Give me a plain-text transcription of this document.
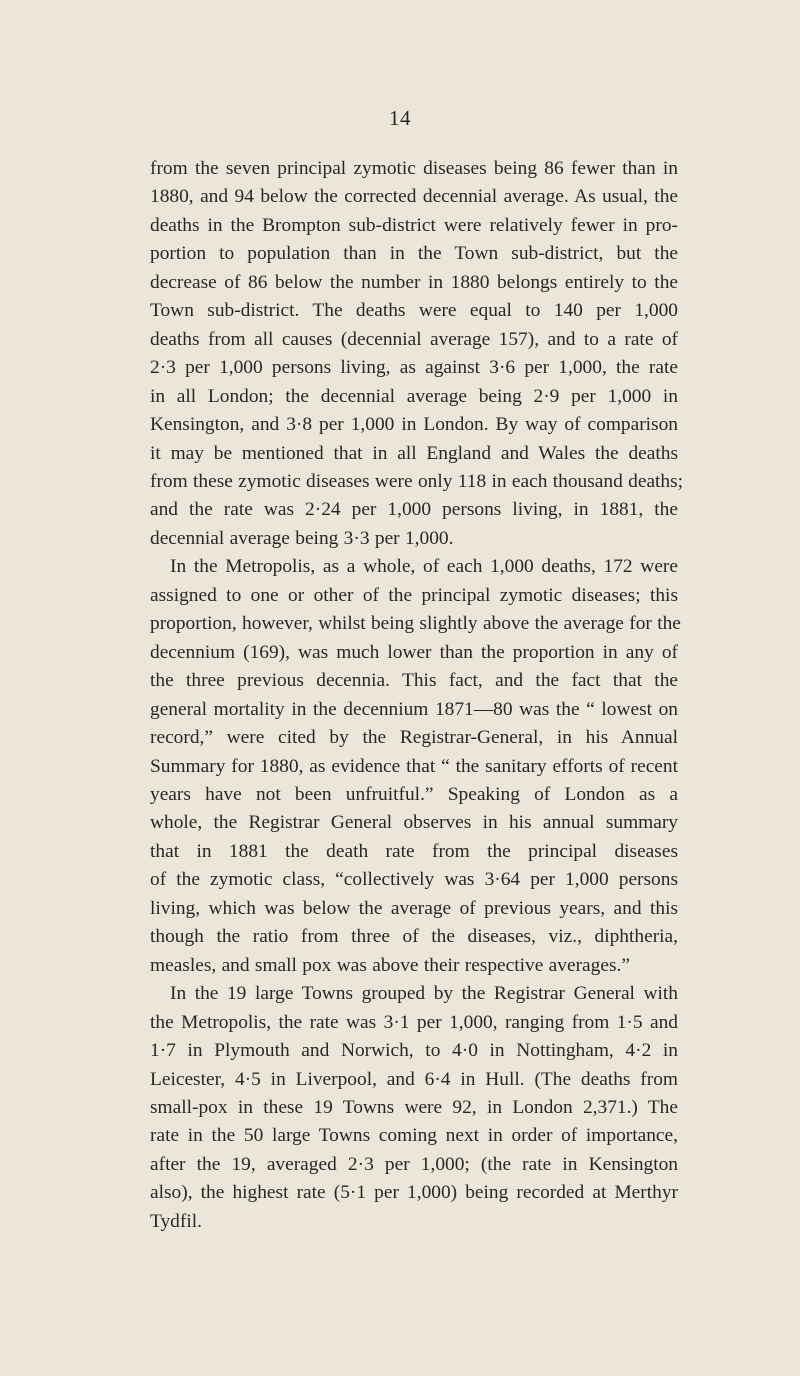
14
from the seven principal zymotic diseases being 86 fewer than in
1880, and 94 below the corrected decennial average. As usual, the
deaths in the Brompton sub-district were relatively fewer in pro-
portion to population than in the Town sub-district, but the
decrease of 86 below the number in 1880 belongs entirely to the
Town sub-district. The deaths were equal to 140 per 1,000
deaths from all causes (decennial average 157), and to a rate of
2·3 per 1,000 persons living, as against 3·6 per 1,000, the rate
in all London; the decennial average being 2·9 per 1,000 in
Kensington, and 3·8 per 1,000 in London. By way of comparison
it may be mentioned that in all England and Wales the deaths
from these zymotic diseases were only 118 in each thousand deaths;
and the rate was 2·24 per 1,000 persons living, in 1881, the
decennial average being 3·3 per 1,000.
In the Metropolis, as a whole, of each 1,000 deaths, 172 were
assigned to one or other of the principal zymotic diseases; this
proportion, however, whilst being slightly above the average for the
decennium (169), was much lower than the proportion in any of
the three previous decennia. This fact, and the fact that the
general mortality in the decennium 1871—80 was the “ lowest on
record,” were cited by the Registrar-General, in his Annual
Summary for 1880, as evidence that “ the sanitary efforts of recent
years have not been unfruitful.” Speaking of London as a
whole, the Registrar General observes in his annual summary
that in 1881 the death rate from the principal diseases
of the zymotic class, “collectively was 3·64 per 1,000 persons
living, which was below the average of previous years, and this
though the ratio from three of the diseases, viz., diphtheria,
measles, and small pox was above their respective averages.”
In the 19 large Towns grouped by the Registrar General with
the Metropolis, the rate was 3·1 per 1,000, ranging from 1·5 and
1·7 in Plymouth and Norwich, to 4·0 in Nottingham, 4·2 in
Leicester, 4·5 in Liverpool, and 6·4 in Hull. (The deaths from
small-pox in these 19 Towns were 92, in London 2,371.) The
rate in the 50 large Towns coming next in order of importance,
after the 19, averaged 2·3 per 1,000; (the rate in Kensington
also), the highest rate (5·1 per 1,000) being recorded at Merthyr
Tydfil.
